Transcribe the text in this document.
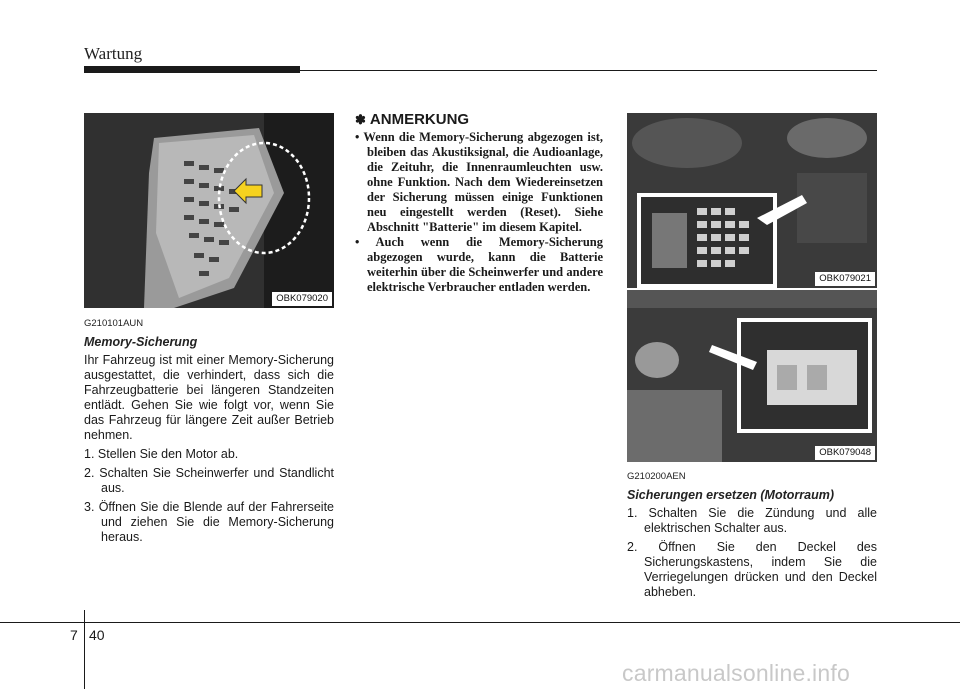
Wartung
OBK079020
G210101AUN
Memory-Sicherung
Ihr Fahrzeug ist mit einer Memory-Sicherung ausgestattet, die verhindert, dass sich die Fahrzeugbatterie bei längeren Standzeiten entlädt. Gehen Sie wie folgt vor, wenn Sie das Fahrzeug für längere Zeit außer Betrieb nehmen.
1. Stellen Sie den Motor ab.
2. Schalten Sie Scheinwerfer und Standlicht aus.
3. Öffnen Sie die Blende auf der Fahrerseite und ziehen Sie die Memory-Sicherung heraus.
✽ ANMERKUNG
• Wenn die Memory-Sicherung abgezogen ist, bleiben das Akustiksignal, die Audioanlage, die Zeituhr, die Innenraumleuchten usw. ohne Funktion. Nach dem Wiedereinsetzen der Sicherung müssen einige Funktionen neu eingestellt werden (Reset). Siehe Abschnitt "Batterie" im diesem Kapitel.
• Auch wenn die Memory-Sicherung abgezogen wurde, kann die Batterie weiterhin über die Scheinwerfer und andere elektrische Verbraucher entladen werden.
OBK079021
OBK079048
G210200AEN
Sicherungen ersetzen (Motorraum)
1. Schalten Sie die Zündung und alle elektrischen Schalter aus.
2. Öffnen Sie den Deckel des Sicherungskastens, indem Sie die Verriegelungen drücken und den Deckel abheben.
7 40
carmanualsonline.info
